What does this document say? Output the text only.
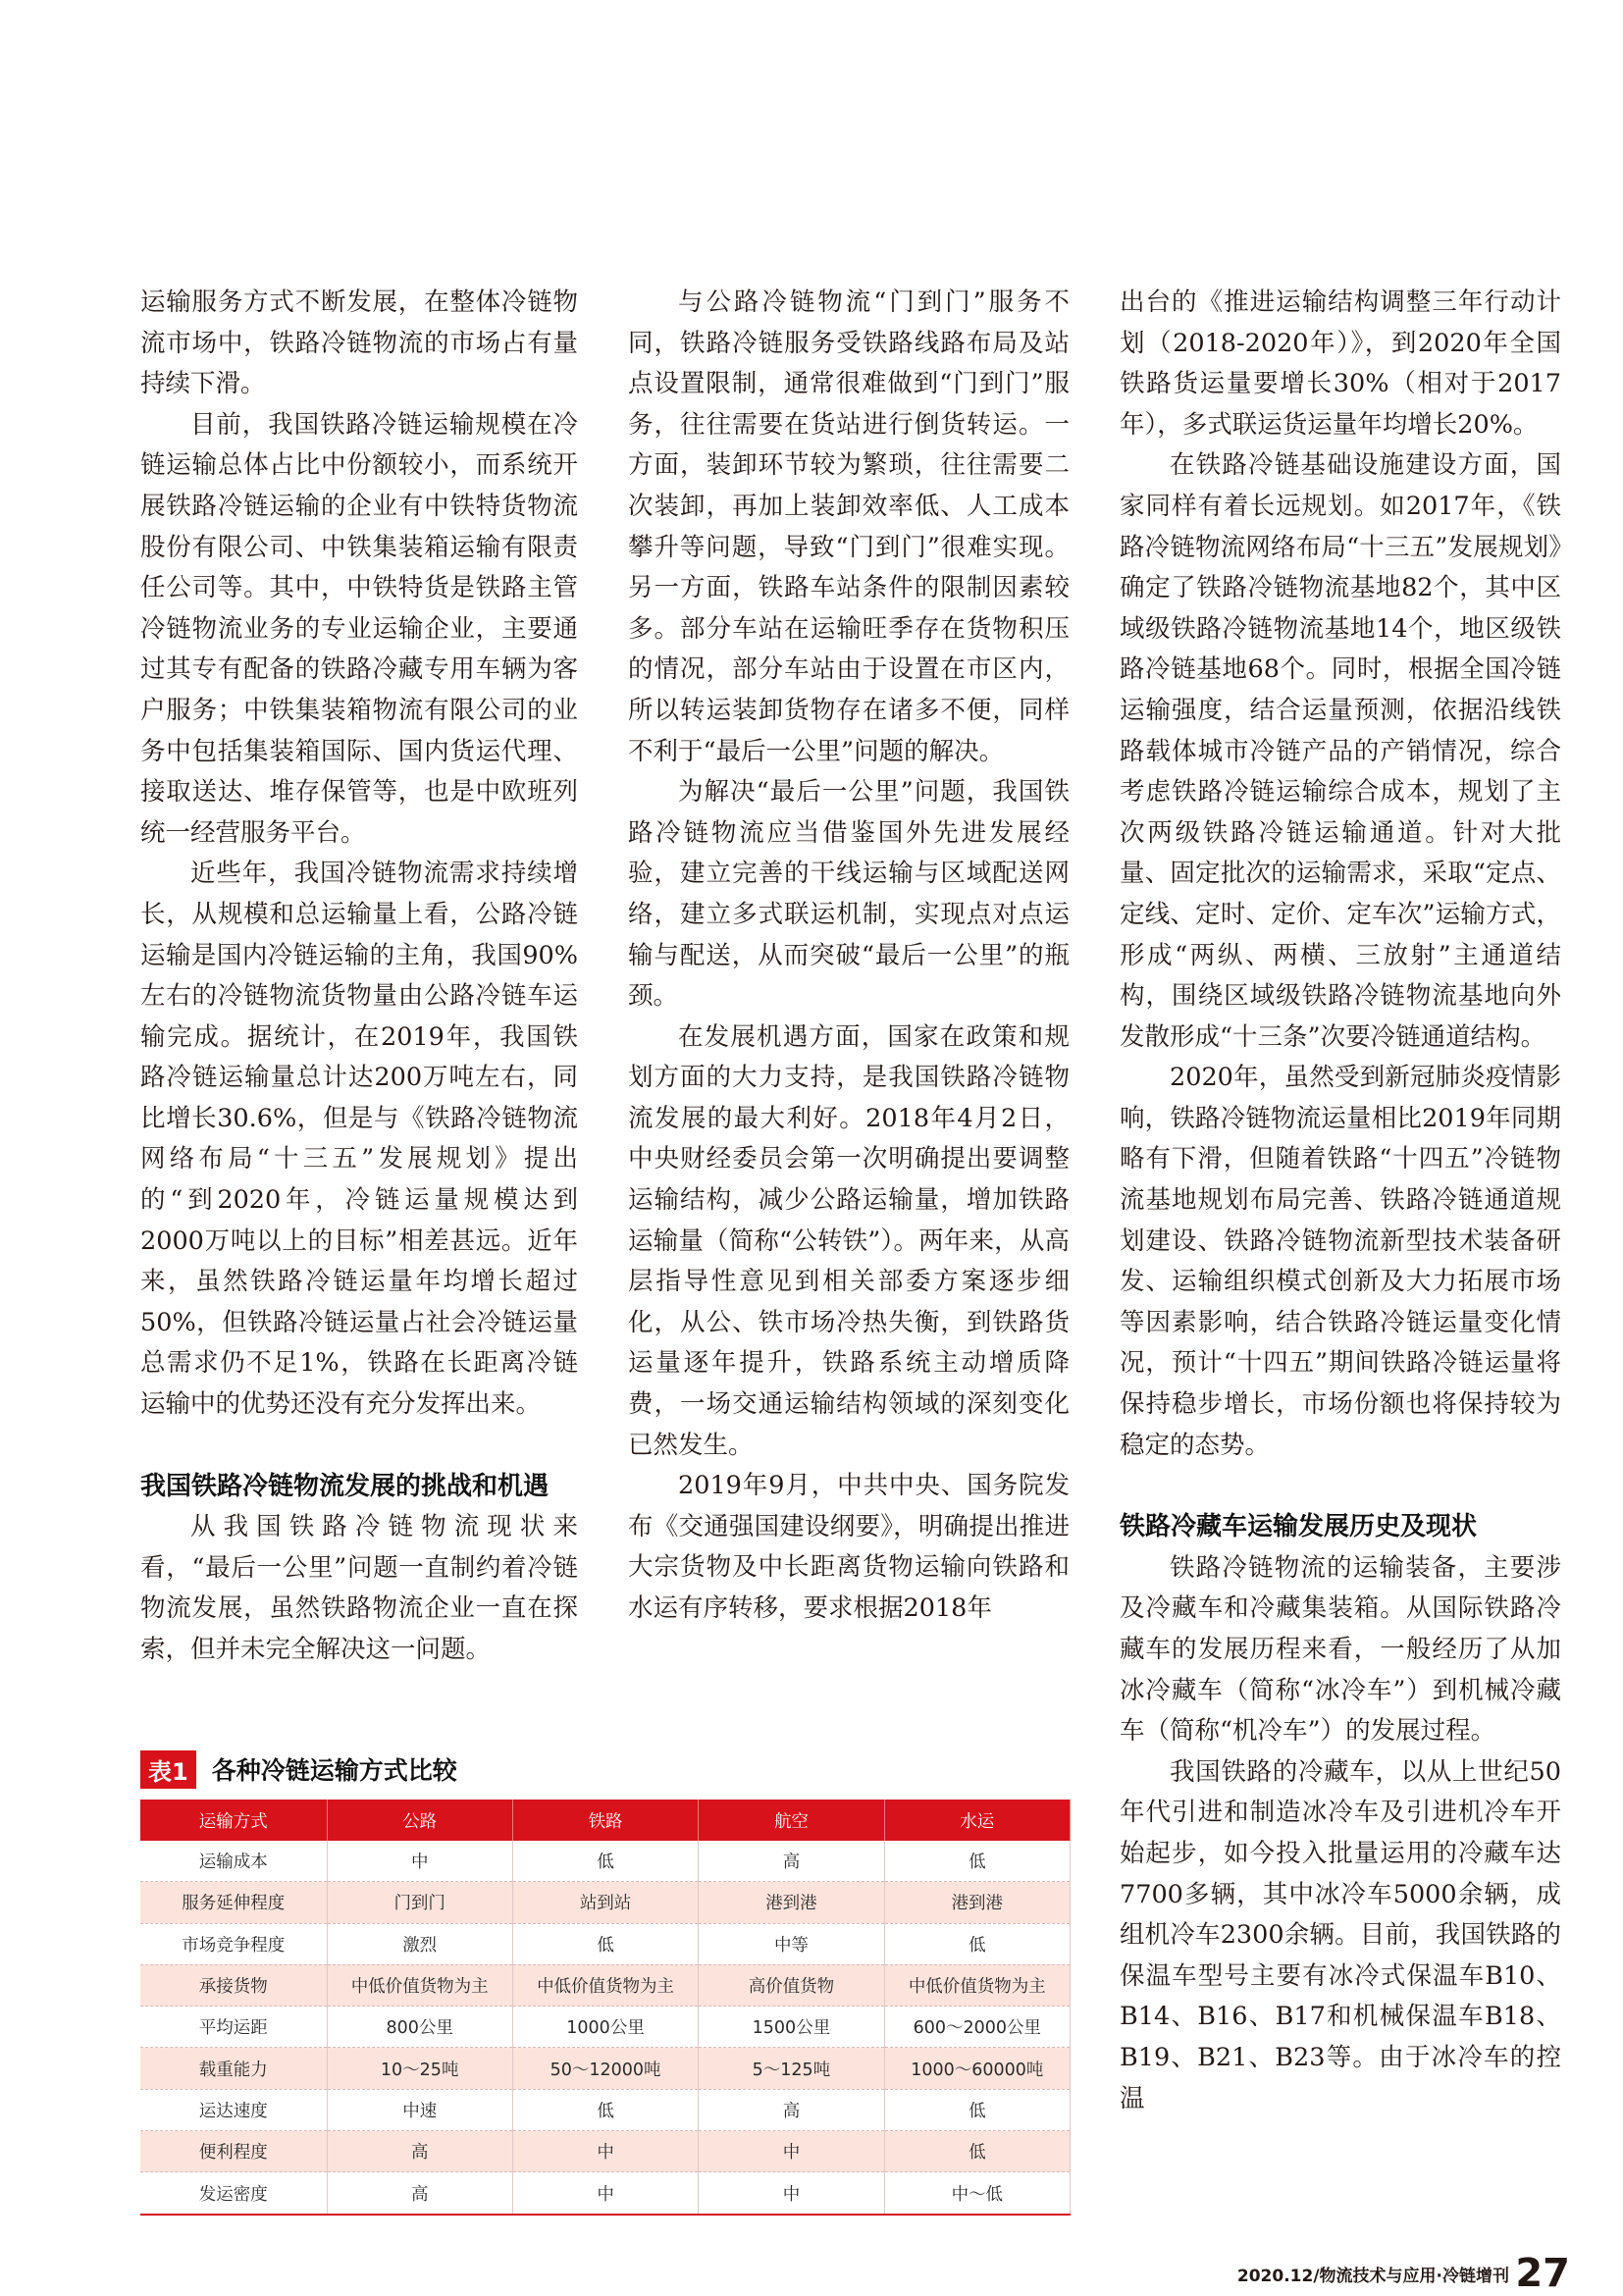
运输服务方式不断发展，在整体冷链物流市场中，铁路冷链物流的市场占有量持续下滑。

目前，我国铁路冷链运输规模在冷链运输总体占比中份额较小，而系统开展铁路冷链运输的企业有中铁特货物流股份有限公司、中铁集装箱运输有限责任公司等。其中，中铁特货是铁路主管冷链物流业务的专业运输企业，主要通过其专有配备的铁路冷藏专用车辆为客户服务；中铁集装箱物流有限公司的业务中包括集装箱国际、国内货运代理、接取送达、堆存保管等，也是中欧班列统一经营服务平台。

近些年，我国冷链物流需求持续增长，从规模和总运输量上看，公路冷链运输是国内冷链运输的主角，我国90%左右的冷链物流货物量由公路冷链车运输完成。据统计，在2019年，我国铁路冷链运输量总计达200万吨左右，同比增长30.6%，但是与《铁路冷链物流网络布局“十三五”发展规划》提出的“到2020年，冷链运量规模达到2000万吨以上的目标”相差甚远。近年来，虽然铁路冷链运量年均增长超过50%，但铁路冷链运量占社会冷链运量总需求仍不足1%，铁路在长距离冷链运输中的优势还没有充分发挥出来。

我国铁路冷链物流发展的挑战和机遇

从我国铁路冷链物流现状来看，“最后一公里”问题一直制约着冷链物流发展，虽然铁路物流企业一直在探索，但并未完全解决这一问题。

与公路冷链物流“门到门”服务不同，铁路冷链服务受铁路线路布局及站点设置限制，通常很难做到“门到门”服务，往往需要在货站进行倒货转运。一方面，装卸环节较为繁琐，往往需要二次装卸，再加上装卸效率低、人工成本攀升等问题，导致“门到门”很难实现。另一方面，铁路车站条件的限制因素较多。部分车站在运输旺季存在货物积压的情况，部分车站由于设置在市区内，所以转运装卸货物存在诸多不便，同样不利于“最后一公里”问题的解决。

为解决“最后一公里”问题，我国铁路冷链物流应当借鉴国外先进发展经验，建立完善的干线运输与区域配送网络，建立多式联运机制，实现点对点运输与配送，从而突破“最后一公里”的瓶颈。

在发展机遇方面，国家在政策和规划方面的大力支持，是我国铁路冷链物流发展的最大利好。2018年4月2日，中央财经委员会第一次明确提出要调整运输结构，减少公路运输量，增加铁路运输量（简称“公转铁”）。两年来，从高层指导性意见到相关部委方案逐步细化，从公、铁市场冷热失衡，到铁路货运量逐年提升，铁路系统主动增质降费，一场交通运输结构领域的深刻变化已然发生。

2019年9月，中共中央、国务院发布《交通强国建设纲要》，明确提出推进大宗货物及中长距离货物运输向铁路和水运有序转移，要求根据2018年

出台的《推进运输结构调整三年行动计划（2018-2020年）》，到2020年全国铁路货运量要增长30%（相对于2017年），多式联运货运量年均增长20%。

在铁路冷链基础设施建设方面，国家同样有着长远规划。如2017年，《铁路冷链物流网络布局“十三五”发展规划》确定了铁路冷链物流基地82个，其中区域级铁路冷链物流基地14个，地区级铁路冷链基地68个。同时，根据全国冷链运输强度，结合运量预测，依据沿线铁路载体城市冷链产品的产销情况，综合考虑铁路冷链运输综合成本，规划了主次两级铁路冷链运输通道。针对大批量、固定批次的运输需求，采取“定点、定线、定时、定价、定车次”运输方式，形成“两纵、两横、三放射”主通道结构，围绕区域级铁路冷链物流基地向外发散形成“十三条”次要冷链通道结构。

2020年，虽然受到新冠肺炎疫情影响，铁路冷链物流运量相比2019年同期略有下滑，但随着铁路“十四五”冷链物流基地规划布局完善、铁路冷链通道规划建设、铁路冷链物流新型技术装备研发、运输组织模式创新及大力拓展市场等因素影响，结合铁路冷链运量变化情况，预计“十四五”期间铁路冷链运量将保持稳步增长，市场份额也将保持较为稳定的态势。

铁路冷藏车运输发展历史及现状

铁路冷链物流的运输装备，主要涉及冷藏车和冷藏集装箱。从国际铁路冷藏车的发展历程来看，一般经历了从加冰冷藏车（简称“冰冷车”）到机械冷藏车（简称“机冷车”）的发展过程。

我国铁路的冷藏车，以从上世纪50年代引进和制造冰冷车及引进机冷车开始起步，如今投入批量运用的冷藏车达7700多辆，其中冰冷车5000余辆，成组机冷车2300余辆。目前，我国铁路的保温车型号主要有冰冷式保温车B10、B14、B16、B17和机械保温车B18、B19、B21、B23等。由于冰冷车的控温

表1 各种冷链运输方式比较
运输方式	公路	铁路	航空	水运
运输成本	中	低	高	低
服务延伸程度	门到门	站到站	港到港	港到港
市场竞争程度	激烈	低	中等	低
承接货物	中低价值货物为主	中低价值货物为主	高价值货物	中低价值货物为主
平均运距	800公里	1000公里	1500公里	600～2000公里
载重能力	10～25吨	50～12000吨	5～125吨	1000～60000吨
运达速度	中速	低	高	低
便利程度	高	中	中	低
发运密度	高	中	中	中～低
2020.12/物流技术与应用·冷链增刊 27
